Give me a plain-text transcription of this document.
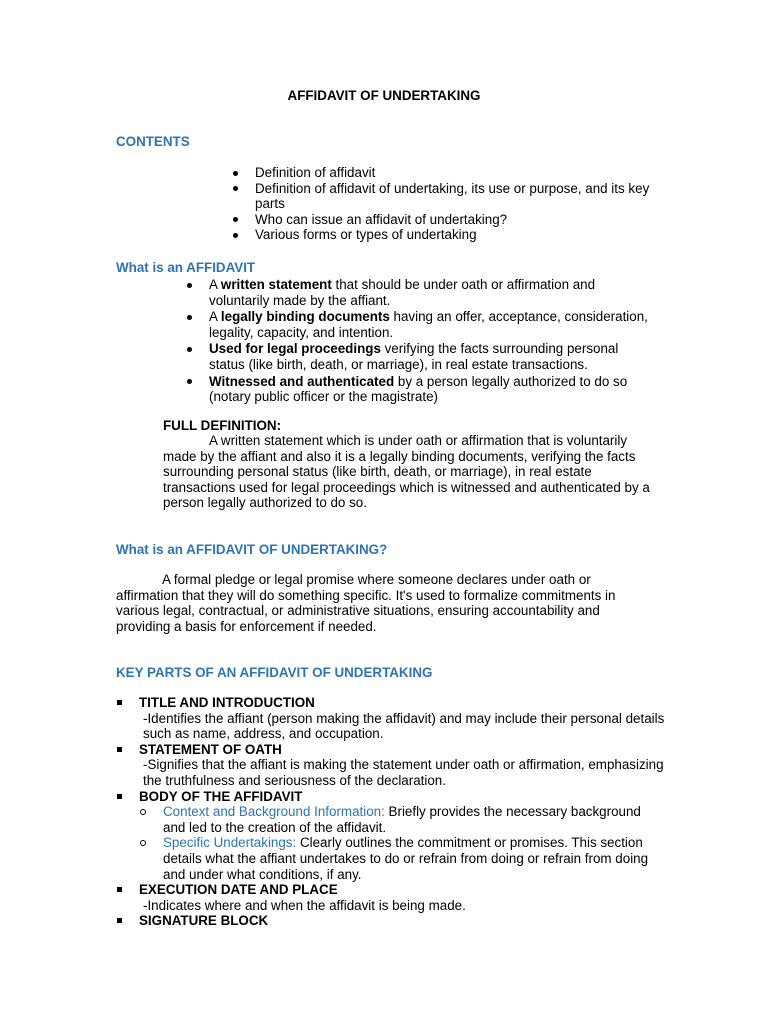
AFFIDAVIT OF UNDERTAKING
CONTENTS
Definition of affidavit
Definition of affidavit of undertaking, its use or purpose, and its key parts
Who can issue an affidavit of undertaking?
Various forms or types of undertaking
What is an AFFIDAVIT
A written statement that should be under oath or affirmation and voluntarily made by the affiant.
A legally binding documents having an offer, acceptance, consideration, legality, capacity, and intention.
Used for legal proceedings verifying the facts surrounding personal status (like birth, death, or marriage), in real estate transactions.
Witnessed and authenticated by a person legally authorized to do so (notary public officer or the magistrate)
FULL DEFINITION:
A written statement which is under oath or affirmation that is voluntarily made by the affiant and also it is a legally binding documents, verifying the facts surrounding personal status (like birth, death, or marriage), in real estate transactions used for legal proceedings which is witnessed and authenticated by a person legally authorized to do so.
What is an AFFIDAVIT OF UNDERTAKING?
A formal pledge or legal promise where someone declares under oath or affirmation that they will do something specific. It's used to formalize commitments in various legal, contractual, or administrative situations, ensuring accountability and providing a basis for enforcement if needed.
KEY PARTS OF AN AFFIDAVIT OF UNDERTAKING
TITLE AND INTRODUCTION
-Identifies the affiant (person making the affidavit) and may include their personal details such as name, address, and occupation.
STATEMENT OF OATH
-Signifies that the affiant is making the statement under oath or affirmation, emphasizing the truthfulness and seriousness of the declaration.
BODY OF THE AFFIDAVIT
Context and Background Information: Briefly provides the necessary background and led to the creation of the affidavit.
Specific Undertakings: Clearly outlines the commitment or promises. This section details what the affiant undertakes to do or refrain from doing or refrain from doing and under what conditions, if any.
EXECUTION DATE AND PLACE
-Indicates where and when the affidavit is being made.
SIGNATURE BLOCK
